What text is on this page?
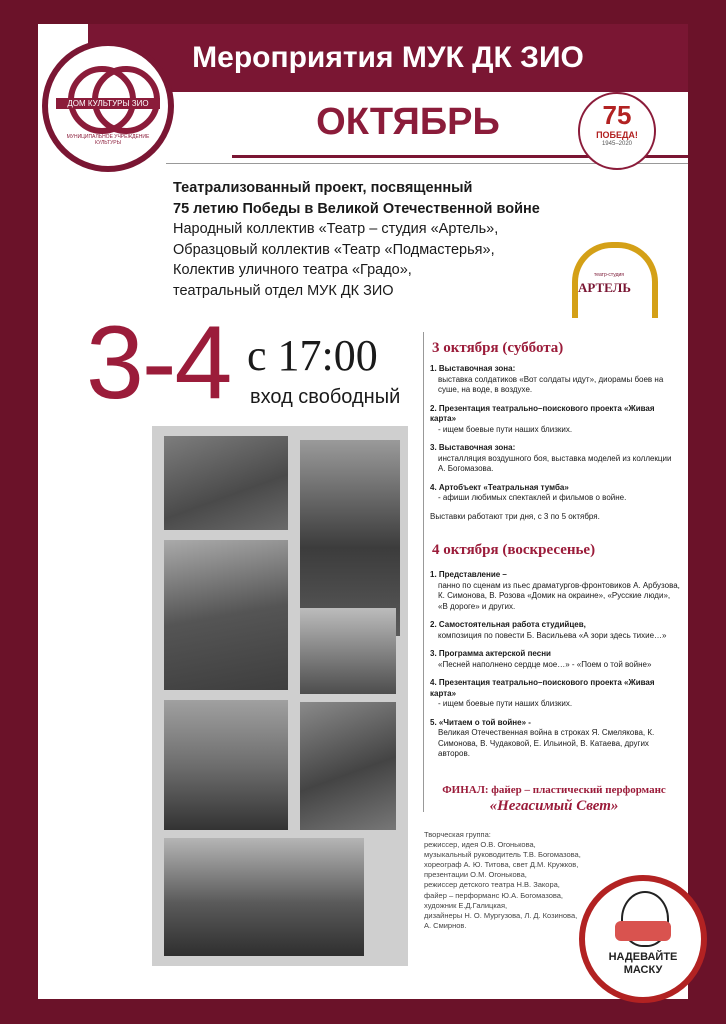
Мероприятия МУК ДК ЗИО
ОКТЯБРЬ
ДОМ КУЛЬТУРЫ ЗИО
МУНИЦИПАЛЬНОЕ УЧРЕЖДЕНИЕ КУЛЬТУРЫ
75
ПОБЕДА!
1945–2020
Театрализованный проект, посвященный
75 летию Победы в Великой Отечественной войне
Народный коллектив «Театр – студия «Артель»,
Образцовый коллектив «Театр «Подмастерья»,
Колектив уличного театра «Градо»,
театральный отдел МУК ДК ЗИО
театр-студия
АРТЕЛЬ
3-4 с 17:00
вход свободный
3 октября (суббота)
1. Выставочная зона:
выставка солдатиков «Вот солдаты идут», диорамы боев на суше, на воде, в воздухе.
2. Презентация театрально–поискового проекта «Живая карта»
- ищем боевые пути наших близких.
3. Выставочная зона:
инсталляция воздушного боя, выставка моделей из коллекции А. Богомазова.
4. Артобъект «Театральная тумба»
- афиши любимых спектаклей и фильмов о войне.
Выставки работают три дня, с 3 по 5 октября.
4 октября (воскресенье)
1. Представление –
панно по сценам из пьес драматургов-фронтовиков А. Арбузова, К. Симонова, В. Розова «Домик на окраине», «Русские люди», «В дороге» и других.
2. Самостоятельная работа студийцев,
композиция по повести Б. Васильева «А зори здесь тихие…»
3. Программа актерской песни
«Песней наполнено сердце мое…» - «Поем о той войне»
4. Презентация театрально–поискового проекта «Живая карта»
- ищем боевые пути наших близких.
5. «Читаем о той войне» -
Великая Отечественная война в строках Я. Смелякова, К. Симонова, В. Чудаковой, Е. Ильиной, В. Катаева, других авторов.
ФИНАЛ: файер – пластический перформанс
«Негасимый Свет»
Творческая группа:
режиссер, идея О.В. Огонькова,
музыкальный руководитель Т.В. Богомазова,
хореограф А. Ю. Титова, свет Д.М. Кружков,
презентации О.М. Огонькова,
режиссер детского театра Н.В. Закора,
файер – перформанс Ю.А. Богомазова,
художник Е.Д.Галицкая,
дизайнеры Н. О. Мургузова, Л. Д. Козинова,
А. Смирнов.
НАДЕВАЙТЕ
МАСКУ
